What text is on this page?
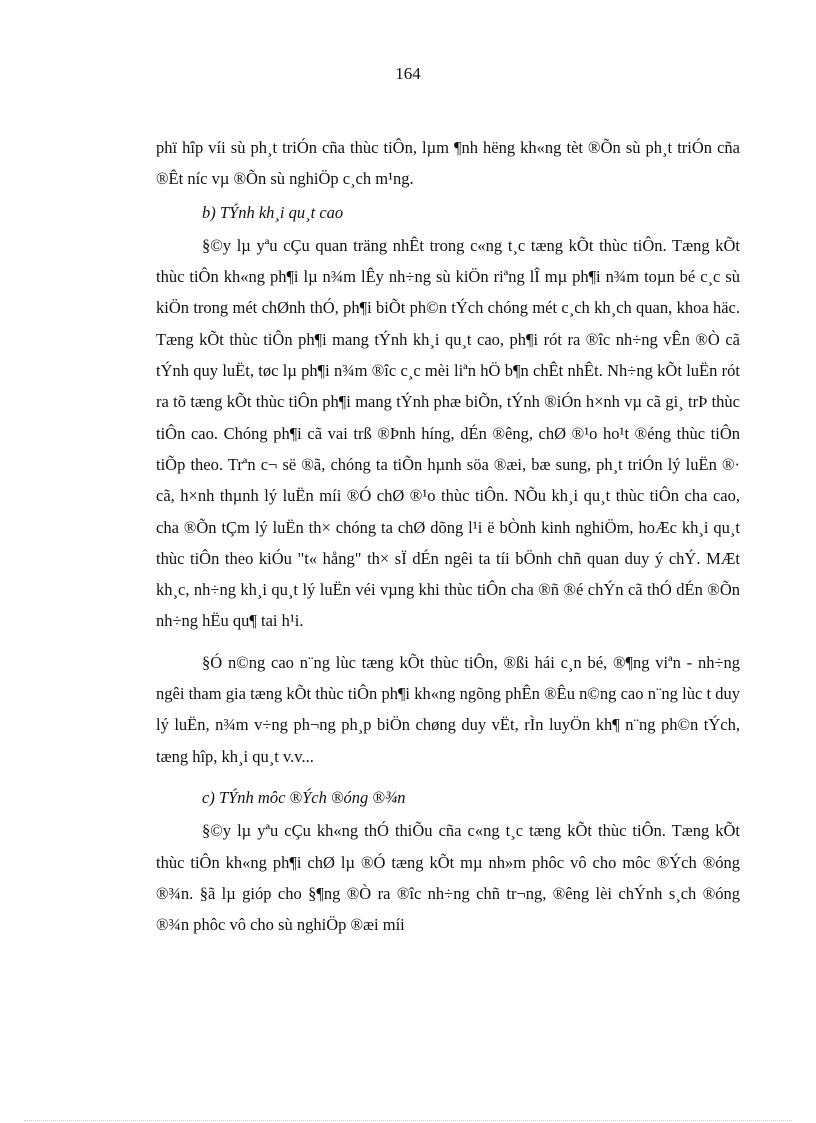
164

phï hîp víi sù ph¸t triÓn cña thùc tiÔn, lµm ¶nh hëng kh«ng tèt ®Õn sù ph¸t triÓn cña ®Êt níc vµ ®Õn sù nghiÖp c¸ch m¹ng.

b) TÝnh kh¸i qu¸t cao

§©y lµ yªu cÇu quan träng nhÊt trong c«ng t¸c tæng kÕt thùc tiÔn. Tæng kÕt thùc tiÔn kh«ng ph¶i lµ n¾m lÊy nh÷ng sù kiÖn riªng lÎ mµ ph¶i n¾m toµn bé c¸c sù kiÖn trong mét chØnh thÓ, ph¶i biÕt ph©n tÝch chóng mét c¸ch kh¸ch quan, khoa häc. Tæng kÕt thùc tiÔn ph¶i mang tÝnh kh¸i qu¸t cao, ph¶i rót ra ®îc nh÷ng vÊn ®Ò cã tÝnh quy luËt, tøc lµ ph¶i n¾m ®îc c¸c mèi liªn hÖ b¶n chÊt nhÊt. Nh÷ng kÕt luËn rót ra tõ tæng kÕt thùc tiÔn ph¶i mang tÝnh phæ biÕn, tÝnh ®iÓn h×nh vµ cã gi¸ trÞ thùc tiÔn cao. Chóng ph¶i cã vai trß ®Þnh híng, dÉn ®êng, chØ ®¹o ho¹t ®éng thùc tiÔn tiÕp theo. Trªn c¬ së ®ã, chóng ta tiÕn hµnh söa ®æi, bæ sung, ph¸t triÓn lý luËn ®· cã, h×nh thµnh lý luËn míi ®Ó chØ ®¹o thùc tiÔn. NÕu kh¸i qu¸t thùc tiÔn cha cao, cha ®Õn tÇm lý luËn th× chóng ta chØ dõng l¹i ë bÒnh kinh nghiÖm, hoÆc kh¸i qu¸t thùc tiÔn theo kiÓu "t« hång" th× sÏ dÉn ngêi ta tíi bÖnh chñ quan duy ý chÝ. MÆt kh¸c, nh÷ng kh¸i qu¸t lý luËn véi vµng khi thùc tiÔn cha ®ñ ®é chÝn cã thÓ dÉn ®Õn nh÷ng hËu qu¶ tai h¹i.

§Ó n©ng cao n¨ng lùc tæng kÕt thùc tiÔn, ®ßi hái c¸n bé, ®¶ng viªn - nh÷ng ngêi tham gia tæng kÕt thùc tiÔn ph¶i kh«ng ngõng phÊn ®Êu n©ng cao n¨ng lùc t duy lý luËn, n¾m v÷ng ph¬ng ph¸p biÖn chøng duy vËt, rÌn luyÖn kh¶ n¨ng ph©n tÝch, tæng hîp, kh¸i qu¸t v.v...

c) TÝnh môc ®Ých ®óng ®¾n

§©y lµ yªu cÇu kh«ng thÓ thiÕu cña c«ng t¸c tæng kÕt thùc tiÔn. Tæng kÕt thùc tiÔn kh«ng ph¶i chØ lµ ®Ó tæng kÕt mµ nh»m phôc vô cho môc ®Ých ®óng ®¾n. §ã lµ gióp cho §¶ng ®Ò ra ®îc nh÷ng chñ tr¬ng, ®êng lèi chÝnh s¸ch ®óng ®¾n phôc vô cho sù nghiÖp ®æi míi
